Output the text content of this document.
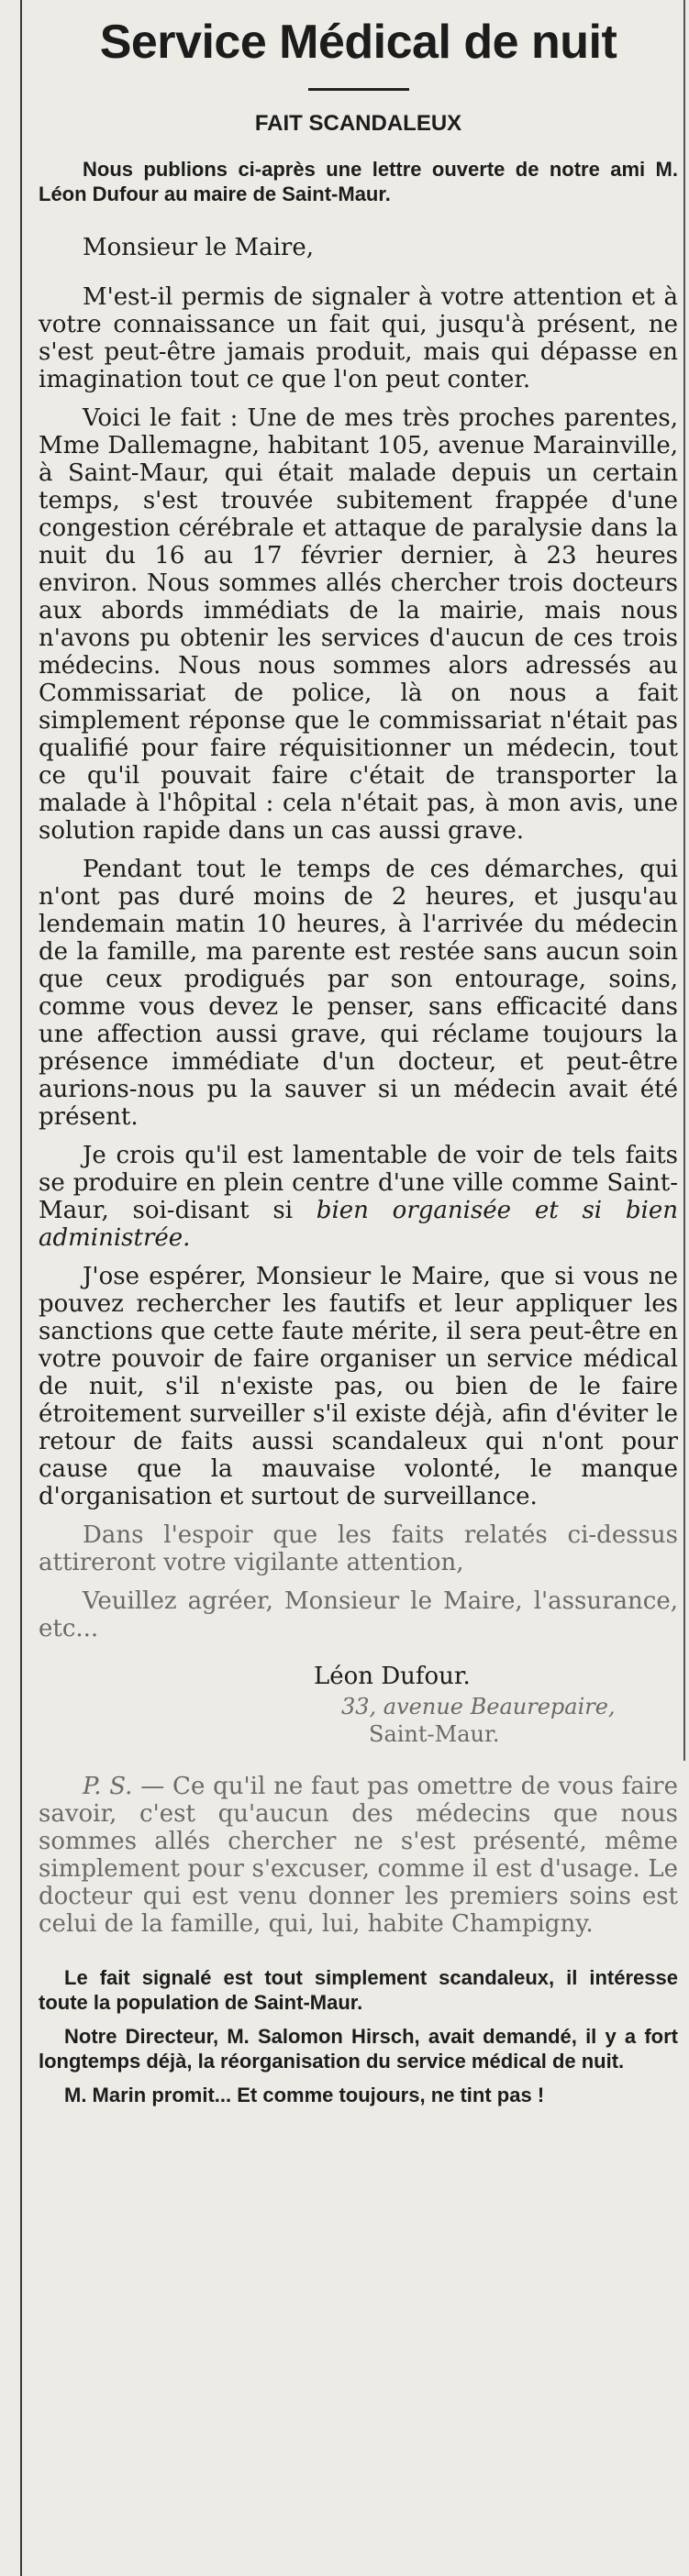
Service Médical de nuit
FAIT SCANDALEUX

Nous publions ci-après une lettre ouverte de notre ami M. Léon Dufour au maire de Saint-Maur.

Monsieur le Maire,

M'est-il permis de signaler à votre attention et à votre connaissance un fait qui, jusqu'à présent, ne s'est peut-être jamais produit, mais qui dépasse en imagination tout ce que l'on peut conter.

Voici le fait : Une de mes très proches parentes, Mme Dallemagne, habitant 105, avenue Marainville, à Saint-Maur, qui était malade depuis un certain temps, s'est trouvée subitement frappée d'une congestion cérébrale et attaque de paralysie dans la nuit du 16 au 17 février dernier, à 23 heures environ. Nous sommes allés chercher trois docteurs aux abords immédiats de la mairie, mais nous n'avons pu obtenir les services d'aucun de ces trois médecins. Nous nous sommes alors adressés au Commissariat de police, là on nous a fait simplement réponse que le commissariat n'était pas qualifié pour faire réquisitionner un médecin, tout ce qu'il pouvait faire c'était de transporter la malade à l'hôpital : cela n'était pas, à mon avis, une solution rapide dans un cas aussi grave.

Pendant tout le temps de ces démarches, qui n'ont pas duré moins de 2 heures, et jusqu'au lendemain matin 10 heures, à l'arrivée du médecin de la famille, ma parente est restée sans aucun soin que ceux prodigués par son entourage, soins, comme vous devez le penser, sans efficacité dans une affection aussi grave, qui réclame toujours la présence immédiate d'un docteur, et peut-être aurions-nous pu la sauver si un médecin avait été présent.

Je crois qu'il est lamentable de voir de tels faits se produire en plein centre d'une ville comme Saint-Maur, soi-disant si bien organisée et si bien administrée.

J'ose espérer, Monsieur le Maire, que si vous ne pouvez rechercher les fautifs et leur appliquer les sanctions que cette faute mérite, il sera peut-être en votre pouvoir de faire organiser un service médical de nuit, s'il n'existe pas, ou bien de le faire étroitement surveiller s'il existe déjà, afin d'éviter le retour de faits aussi scandaleux qui n'ont pour cause que la mauvaise volonté, le manque d'organisation et surtout de surveillance.

Dans l'espoir que les faits relatés ci-dessus attireront votre vigilante attention,

Veuillez agréer, Monsieur le Maire, l'assurance, etc...

Léon Dufour.
33, avenue Beaurepaire,
Saint-Maur.

P. S. — Ce qu'il ne faut pas omettre de vous faire savoir, c'est qu'aucun des médecins que nous sommes allés chercher ne s'est présenté, même simplement pour s'excuser, comme il est d'usage. Le docteur qui est venu donner les premiers soins est celui de la famille, qui, lui, habite Champigny.

Le fait signalé est tout simplement scandaleux, il intéresse toute la population de Saint-Maur.

Notre Directeur, M. Salomon Hirsch, avait demandé, il y a fort longtemps déjà, la réorganisation du service médical de nuit.

M. Marin promit... Et comme toujours, ne tint pas !
